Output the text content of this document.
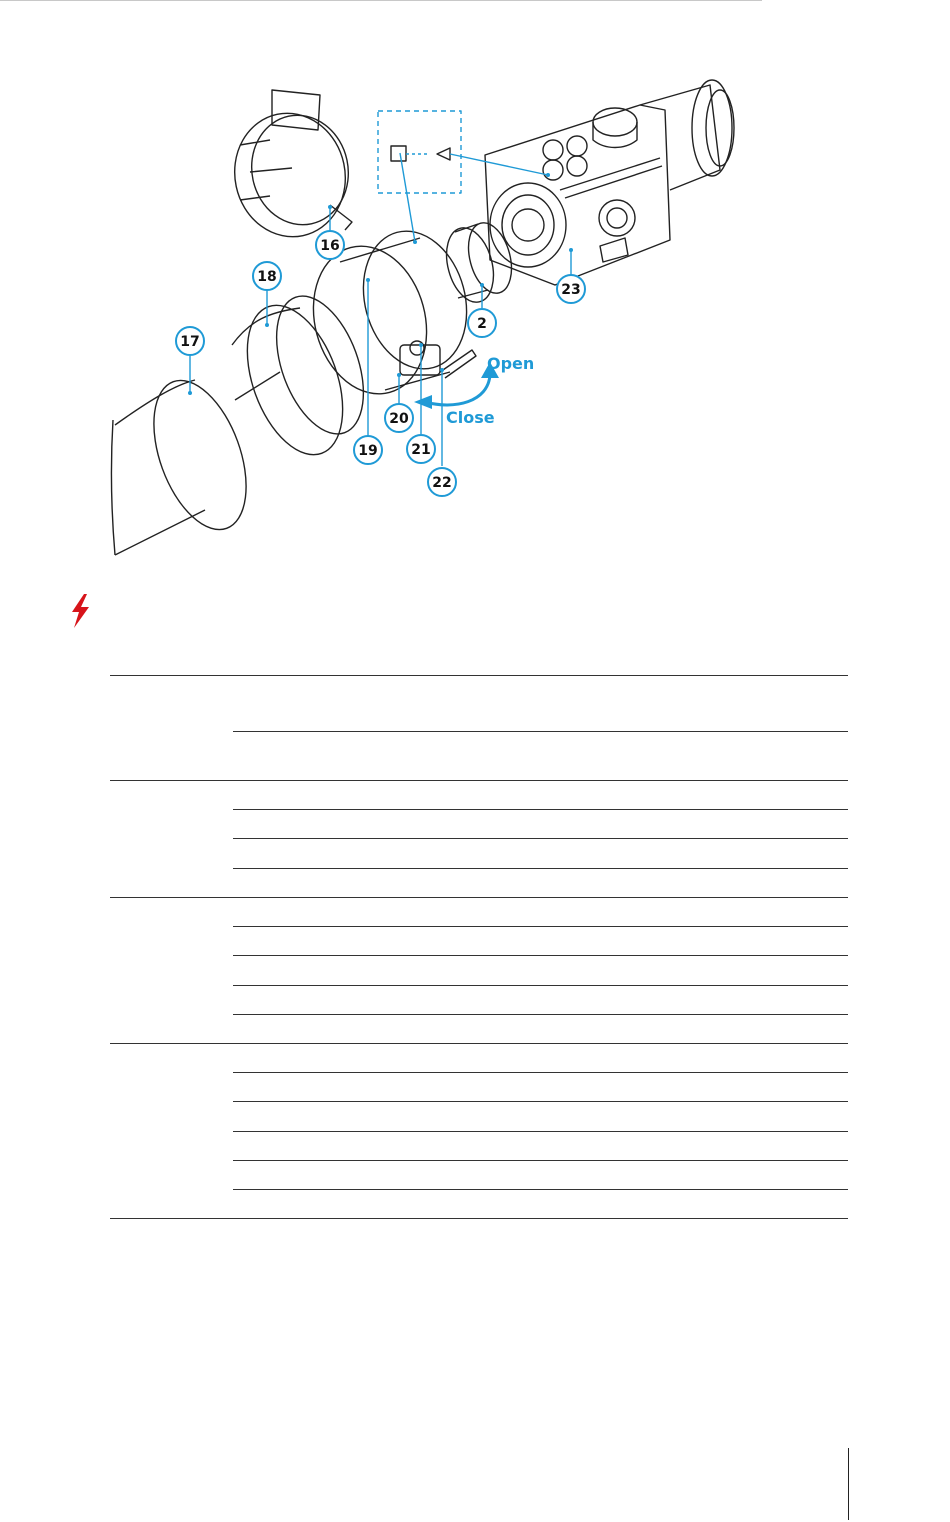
Open
Close
16
18
17
2
23
19
20
21
22
